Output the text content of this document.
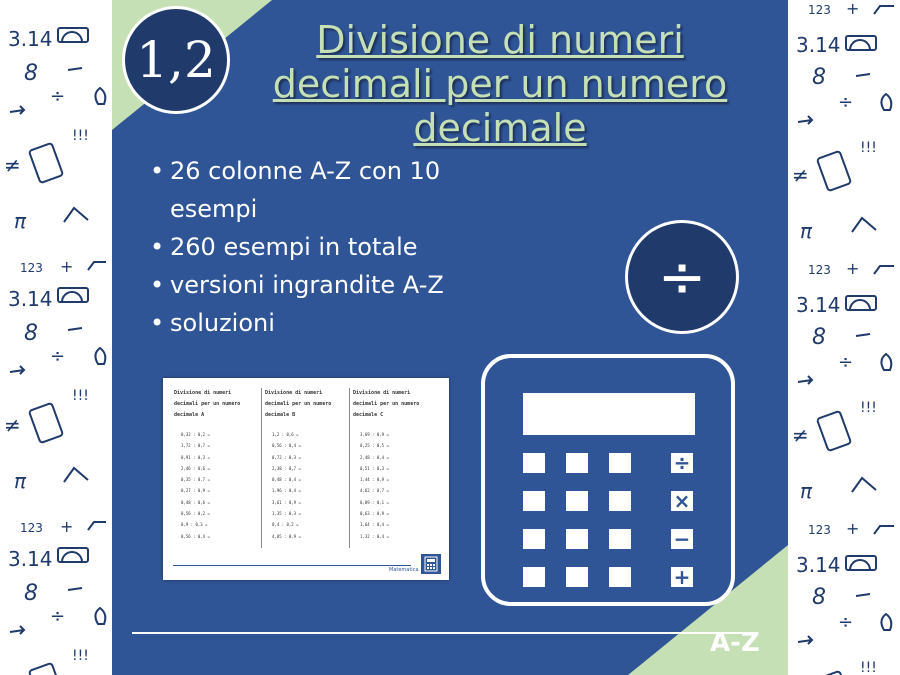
3.14
8
÷
!!!
≠
π
123 +
123 +
3.14
8
÷
!!!
≠
π
1,2	Divisione di numeri
decimali per un numero
decimale
• 26 colonne A-Z con 10 esempi
• 260 esempi in totale
• versioni ingrandite A-Z
• soluzioni
÷
Divisione di numeri decimali per un numero decimale A
0,32 : 0,2 =
1,72 : 0,7 =
0,91 : 0,3 =
2,46 : 0,6 =
0,35 : 0,7 =
0,27 : 0,9 =
0,48 : 0,6 =
0,56 : 0,2 =
0,9 : 0,3 =
0,56 : 0,4 =
Divisione di numeri decimali per un numero decimale B
1,2 : 0,6 =
0,56 : 0,4 =
0,72 : 0,3 =
2,38 : 0,7 =
0,48 : 0,4 =
1,96 : 0,4 =
3,61 : 0,9 =
1,35 : 0,3 =
0,4 : 0,2 =
4,05 : 0,9 =
Divisione di numeri decimali per un numero decimale C
3,69 : 0,9 =
0,25 : 0,5 =
2,48 : 0,4 =
0,51 : 0,3 =
1,44 : 0,9 =
4,62 : 0,7 =
0,09 : 0,1 =
0,63 : 0,9 =
1,64 : 0,4 =
1,32 : 0,4 =
Matematica
÷
×
−
+
A-Z
